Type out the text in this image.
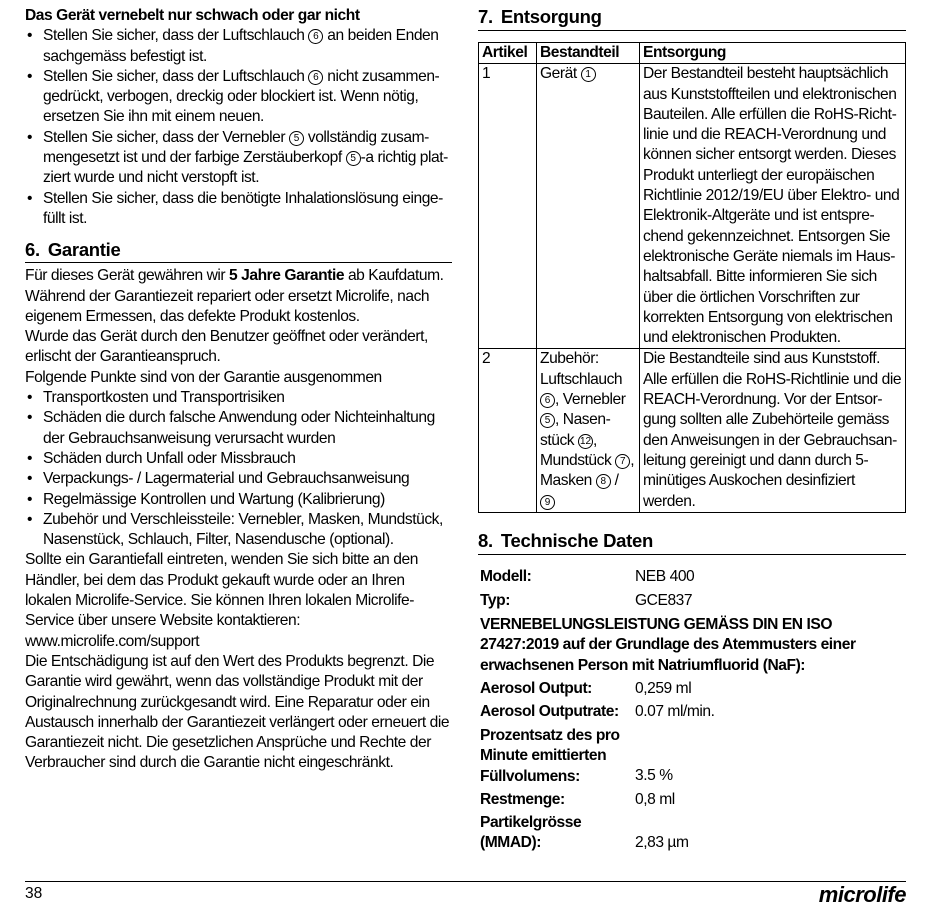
Das Gerät vernebelt nur schwach oder gar nicht
• Stellen Sie sicher, dass der Luftschlauch 6 an beiden Enden sachgemäss befestigt ist.
• Stellen Sie sicher, dass der Luftschlauch 6 nicht zusammengedrückt, verbogen, dreckig oder blockiert ist. Wenn nötig, ersetzen Sie ihn mit einem neuen.
• Stellen Sie sicher, dass der Vernebler 5 vollständig zusammengesetzt ist und der farbige Zerstäuberkopf 5 -a richtig platziert wurde und nicht verstopft ist.
• Stellen Sie sicher, dass die benötigte Inhalationslösung eingefüllt ist.
6. Garantie
Für dieses Gerät gewähren wir 5 Jahre Garantie ab Kaufdatum. Während der Garantiezeit repariert oder ersetzt Microlife, nach eigenem Ermessen, das defekte Produkt kostenlos.
Wurde das Gerät durch den Benutzer geöffnet oder verändert, erlischt der Garantieanspruch.
Folgende Punkte sind von der Garantie ausgenommen
• Transportkosten und Transportrisiken
• Schäden die durch falsche Anwendung oder Nichteinhaltung der Gebrauchsanweisung verursacht wurden
• Schäden durch Unfall oder Missbrauch
• Verpackungs- / Lagermaterial und Gebrauchsanweisung
• Regelmässige Kontrollen und Wartung (Kalibrierung)
• Zubehör und Verschleissteile: Vernebler, Masken, Mundstück, Nasenstück, Schlauch, Filter, Nasendusche (optional).
Sollte ein Garantiefall eintreten, wenden Sie sich bitte an den Händler, bei dem das Produkt gekauft wurde oder an Ihren lokalen Microlife-Service. Sie können Ihren lokalen Microlife-Service über unsere Website kontaktieren: www.microlife.com/support
Die Entschädigung ist auf den Wert des Produkts begrenzt. Die Garantie wird gewährt, wenn das vollständige Produkt mit der Originalrechnung zurückgesandt wird. Eine Reparatur oder ein Austausch innerhalb der Garantiezeit verlängert oder erneuert die Garantiezeit nicht. Die gesetzlichen Ansprüche und Rechte der Verbraucher sind durch die Garantie nicht eingeschränkt.
7. Entsorgung
Artikel	Bestandteil	Entsorgung
1	Gerät 1	Der Bestandteil besteht hauptsächlich aus Kunststoffteilen und elektronischen Bauteilen. Alle erfüllen die RoHS-Richtlinie und die REACH-Verordnung und können sicher entsorgt werden. Dieses Produkt unterliegt der europäischen Richtlinie 2012/19/EU über Elektro- und Elektronik-Altgeräte und ist entsprechend gekennzeichnet. Entsorgen Sie elektronische Geräte niemals im Haushaltsabfall. Bitte informieren Sie sich über die örtlichen Vorschriften zur korrekten Entsorgung von elektrischen und elektronischen Produkten.
2	Zubehör: Luftschlauch 6 , Vernebler 5 , Nasenstück 12 , Mundstück 7 , Masken 8 / 9	Die Bestandteile sind aus Kunststoff. Alle erfüllen die RoHS-Richtlinie und die REACH-Verordnung. Vor der Entsorgung sollten alle Zubehörteile gemäss den Anweisungen in der Gebrauchsanleitung gereinigt und dann durch 5-minütiges Auskochen desinfiziert werden.
8. Technische Daten
Modell:	NEB 400
Typ:	GCE837
VERNEBELUNGSLEISTUNG GEMÄSS DIN EN ISO 27427:2019 auf der Grundlage des Atemmusters einer erwachsenen Person mit Natriumfluorid (NaF):
Aerosol Output:	0,259 ml
Aerosol Outputrate: 0.07 ml/min.
Prozentsatz des pro Minute emittierten Füllvolumens:	3.5 %
Restmenge:	0,8 ml
Partikelgrösse (MMAD):	2,83 µm
38	microlife
